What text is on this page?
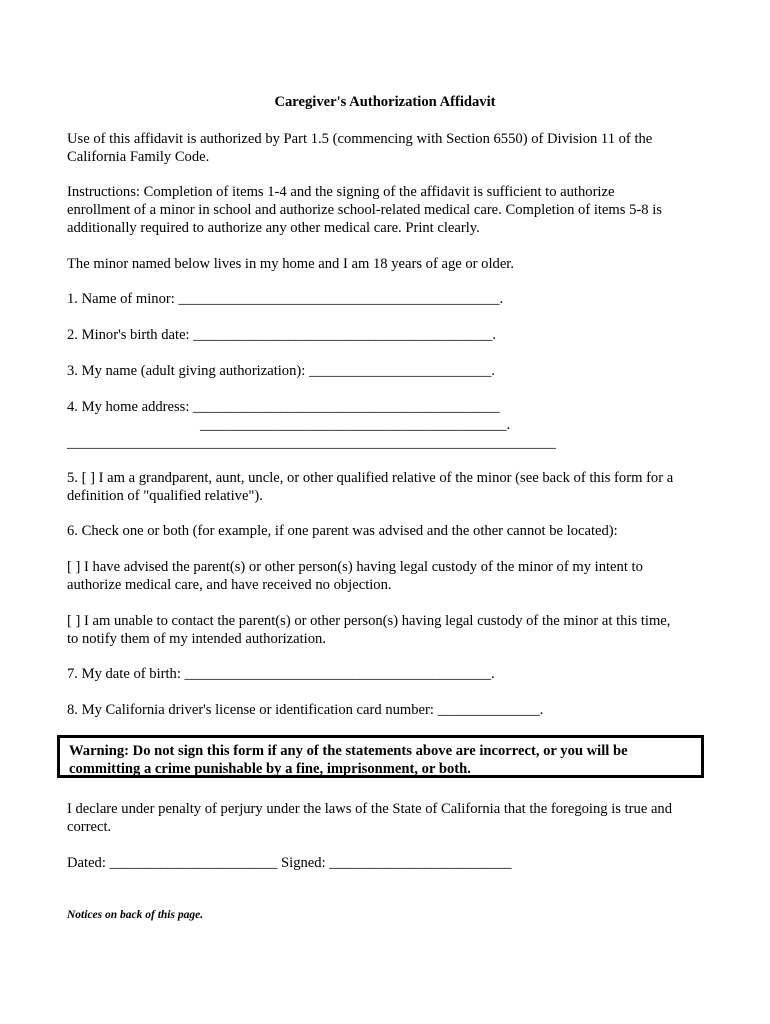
Caregiver's Authorization Affidavit

Use of this affidavit is authorized by Part 1.5 (commencing with Section 6550) of Division 11 of the

California Family Code.

Instructions: Completion of items 1-4 and the signing of the affidavit is sufficient to authorize

enrollment of a minor in school and authorize school-related medical care. Completion of items 5-8 is

additionally required to authorize any other medical care. Print clearly.

The minor named below lives in my home and I am 18 years of age or older.

1. Name of minor: ____________________________________________.

2. Minor's birth date: _________________________________________.

3. My name (adult giving authorization): _________________________.

4. My home address: __________________________________________

__________________________________________.

___________________________________________________________________

5. [ ] I am a grandparent, aunt, uncle, or other qualified relative of the minor (see back of this form for a

definition of "qualified relative").

6. Check one or both (for example, if one parent was advised and the other cannot be located):

[ ] I have advised the parent(s) or other person(s) having legal custody of the minor of my intent to

authorize medical care, and have received no objection.

[ ] I am unable to contact the parent(s) or other person(s) having legal custody of the minor at this time,

to notify them of my intended authorization.

7. My date of birth: __________________________________________.

8. My California driver's license or identification card number: ______________.

Warning: Do not sign this form if any of the statements above are incorrect, or you will be

committing a crime punishable by a fine, imprisonment, or both.

I declare under penalty of perjury under the laws of the State of California that the foregoing is true and

correct.

Dated: _______________________ Signed: _________________________

Notices on back of this page.
